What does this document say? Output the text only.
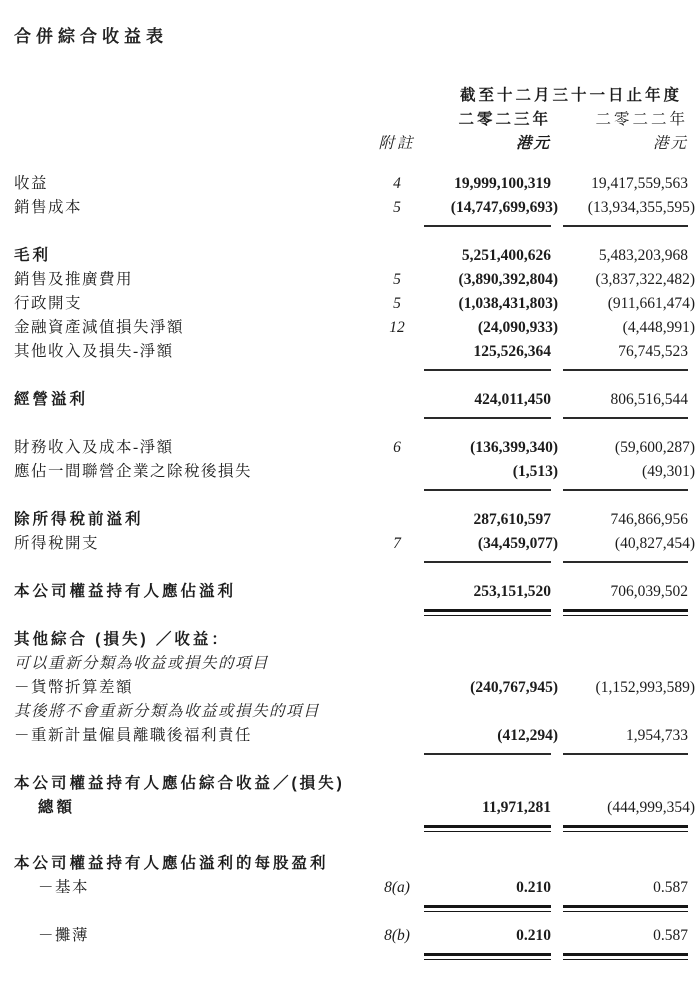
合併綜合收益表
截至十二月三十一日止年度
二零二三年	二零二二年
附註	港元	港元
收益	4	19,999,100,319	19,417,559,563
銷售成本	5	(14,747,699,693)	(13,934,355,595)
毛利	5,251,400,626	5,483,203,968
銷售及推廣費用	5	(3,890,392,804)	(3,837,322,482)
行政開支	5	(1,038,431,803)	(911,661,474)
金融資產減值損失淨額	12	(24,090,933)	(4,448,991)
其他收入及損失-淨額	125,526,364	76,745,523
經營溢利	424,011,450	806,516,544
財務收入及成本-淨額	6	(136,399,340)	(59,600,287)
應佔一間聯營企業之除稅後損失	(1,513)	(49,301)
除所得稅前溢利	287,610,597	746,866,956
所得稅開支	7	(34,459,077)	(40,827,454)
本公司權益持有人應佔溢利	253,151,520	706,039,502
其他綜合 (損失) ／收益：
可以重新分類為收益或損失的項目
－貨幣折算差額	(240,767,945)	(1,152,993,589)
其後將不會重新分類為收益或損失的項目
－重新計量僱員離職後福利責任	(412,294)	1,954,733
本公司權益持有人應佔綜合收益／(損失)
總額	11,971,281	(444,999,354)
本公司權益持有人應佔溢利的每股盈利
－基本	8(a)	0.210	0.587
－攤薄	8(b)	0.210	0.587
